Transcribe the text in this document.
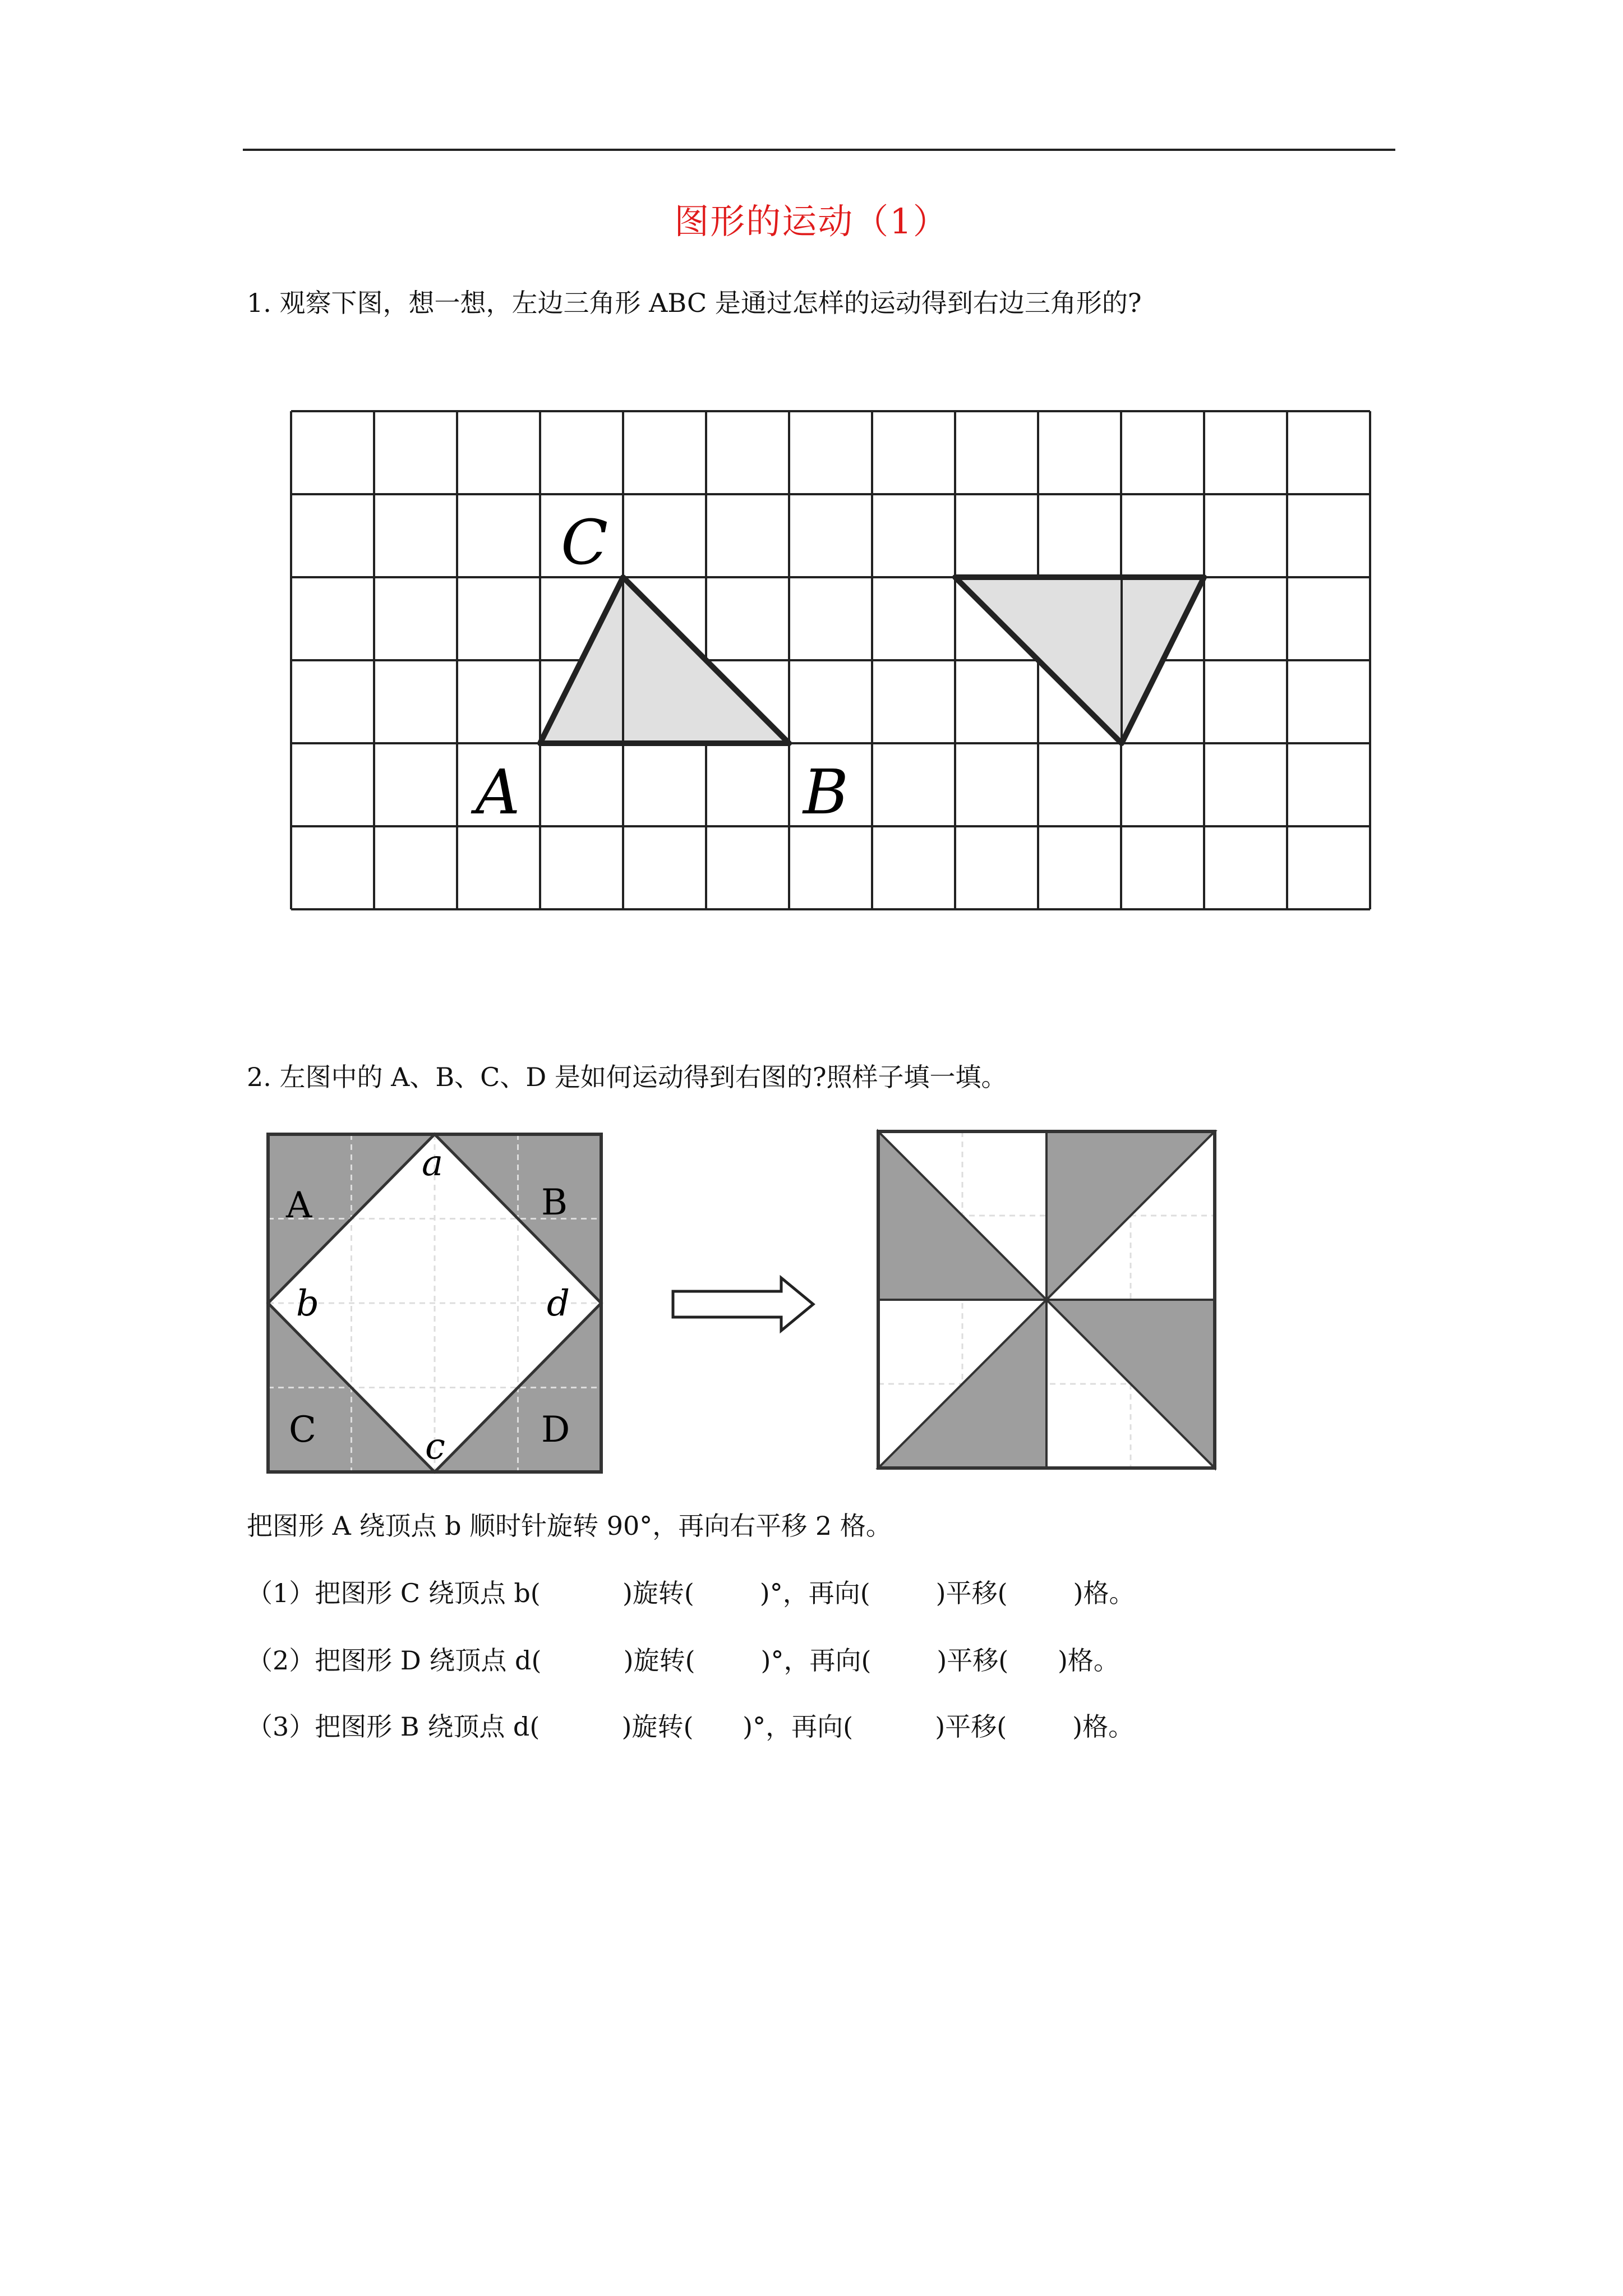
图形的运动（1）
1. 观察下图，想一想，左边三角形 ABC 是通过怎样的运动得到右边三角形的?
C
A	B
2. 左图中的 A、B、C、D 是如何运动得到右图的?照样子填一填。
A	B
C	D
a
b
c
d
把图形 A 绕顶点 b 顺时针旋转 90°，再向右平移 2 格。
（1）把图形 C 绕顶点 b(          )旋转(        )°，再向(        )平移(        )格。
（2）把图形 D 绕顶点 d(          )旋转(        )°，再向(        )平移(      )格。
（3）把图形 B 绕顶点 d(          )旋转(      )°，再向(          )平移(        )格。
